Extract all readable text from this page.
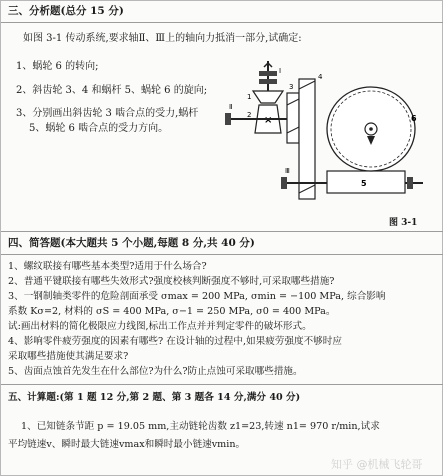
三、分析题(总分 15 分)
如图 3-1 传动系统,要求轴Ⅱ、Ⅲ上的轴向力抵消一部分,试确定:
1、蜗轮 6 的转向;
2、斜齿轮 3、4 和蜗杆 5、蜗轮 6 的旋向;
3、分别画出斜齿轮 3 啮合点的受力,蜗杆
5、蜗轮 6 啮合点的受力方向。
Ⅰ
1
×
2
Ⅱ
3
4
Ⅲ
5
6
图 3-1
四、简答题(本大题共 5 个小题,每题 8 分,共 40 分)
1、螺纹联接有哪些基本类型?适用于什么场合?
2、普通平键联接有哪些失效形式?强度校核判断强度不够时,可采取哪些措施?
3、一钢制轴类零件的危险剖面承受 σmax = 200 MPa, σmin = −100 MPa, 综合影响
系数 Kσ=2, 材料的 σS = 400 MPa, σ−1 = 250 MPa, σ0 = 400 MPa。
试:画出材料的简化极限应力线图,标出工作点并并判定零件的破坏形式。
4、影响零件疲劳强度的因素有哪些? 在设计轴的过程中,如果疲劳强度不够时应
采取哪些措施使其满足要求?
5、齿面点蚀首先发生在什么部位?为什么?防止点蚀可采取哪些措施。
五、计算题:(第 1 题 12 分,第 2 题、第 3 题各 14 分,满分 40 分)
1、已知链条节距 p = 19.05 mm,主动链轮齿数 z1=23,转速 n1= 970 r/min,试求
平均链速v、瞬时最大链速vmax和瞬时最小链速vmin。
知乎 @机械飞轮哥
